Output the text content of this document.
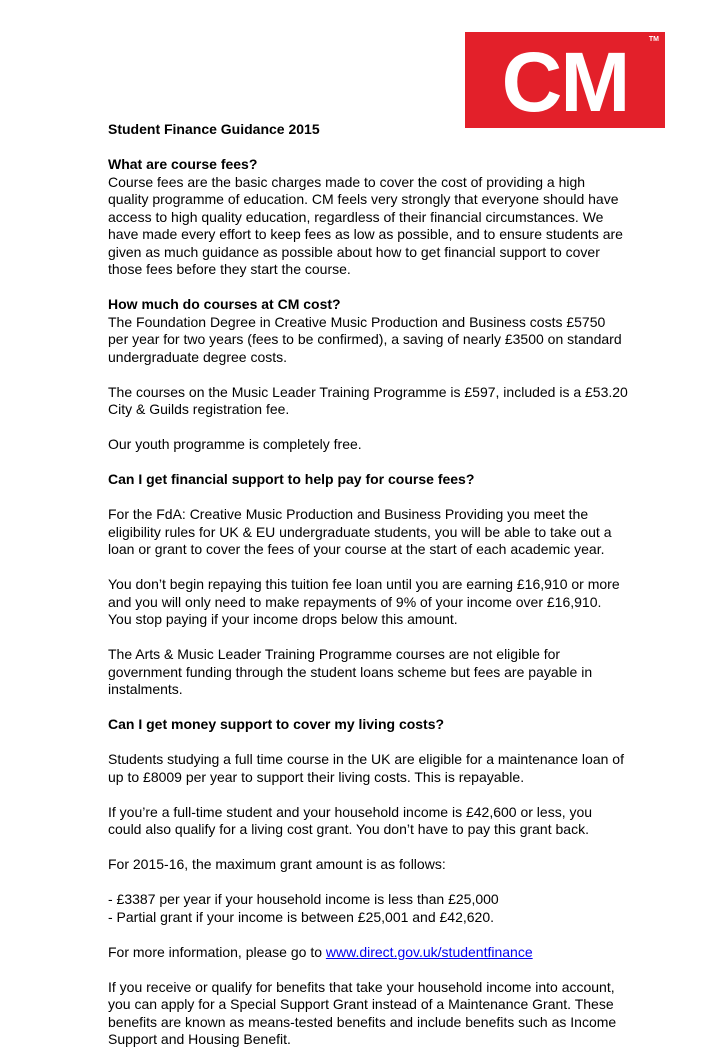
CM	TM

Student Finance Guidance 2015

What are course fees?

Course fees are the basic charges made to cover the cost of providing a high quality programme of education. CM feels very strongly that everyone should have access to high quality education, regardless of their financial circumstances. We have made every effort to keep fees as low as possible, and to ensure students are given as much guidance as possible about how to get financial support to cover those fees before they start the course.

How much do courses at CM cost?

The Foundation Degree in Creative Music Production and Business costs £5750 per year for two years (fees to be confirmed), a saving of nearly £3500 on standard undergraduate degree costs.

The courses on the Music Leader Training Programme is £597, included is a £53.20 City & Guilds registration fee.

Our youth programme is completely free.

Can I get financial support to help pay for course fees?

For the FdA: Creative Music Production and Business Providing you meet the eligibility rules for UK & EU undergraduate students, you will be able to take out a loan or grant to cover the fees of your course at the start of each academic year.

You don’t begin repaying this tuition fee loan until you are earning £16,910 or more and you will only need to make repayments of 9% of your income over £16,910. You stop paying if your income drops below this amount.

The Arts & Music Leader Training Programme courses are not eligible for government funding through the student loans scheme but fees are payable in instalments.

Can I get money support to cover my living costs?

Students studying a full time course in the UK are eligible for a maintenance loan of up to £8009 per year to support their living costs. This is repayable.

If you’re a full-time student and your household income is £42,600 or less, you could also qualify for a living cost grant. You don’t have to pay this grant back.

For 2015-16, the maximum grant amount is as follows:

- £3387 per year if your household income is less than £25,000

- Partial grant if your income is between £25,001 and £42,620.

For more information, please go to www.direct.gov.uk/studentfinance

If you receive or qualify for benefits that take your household income into account, you can apply for a Special Support Grant instead of a Maintenance Grant. These benefits are known as means-tested benefits and include benefits such as Income Support and Housing Benefit.
